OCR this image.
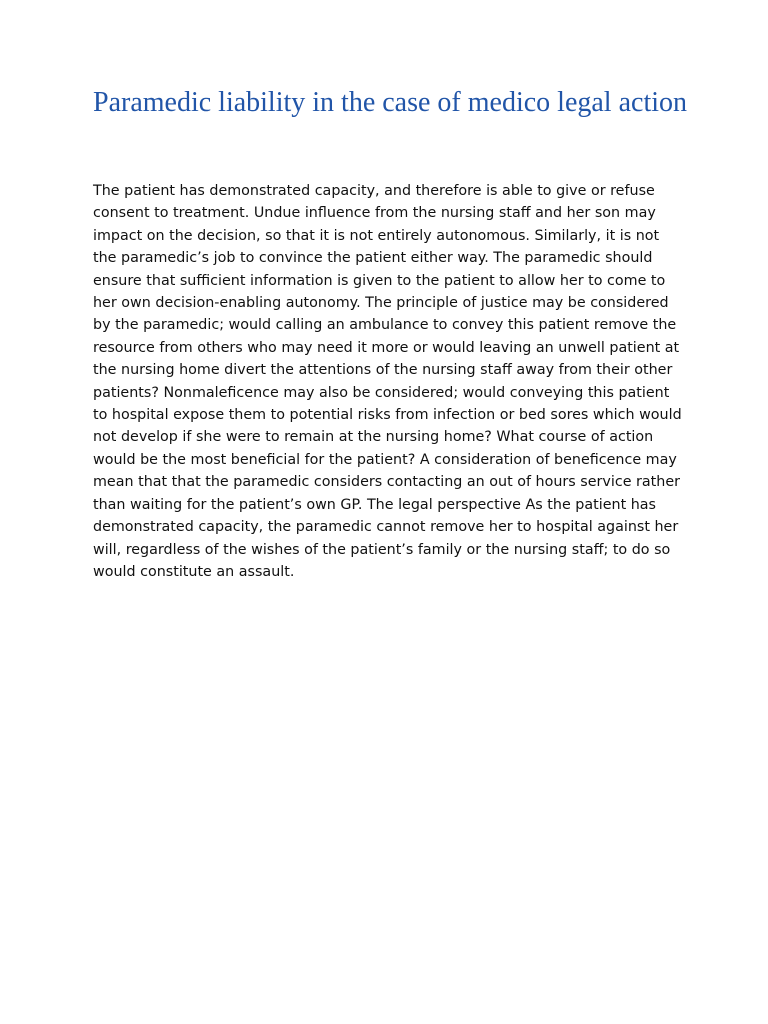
Paramedic liability in the case of medico legal action

The patient has demonstrated capacity, and therefore is able to give or refuse consent to treatment. Undue influence from the nursing staff and her son may impact on the decision, so that it is not entirely autonomous. Similarly, it is not the paramedic’s job to convince the patient either way. The paramedic should ensure that sufficient information is given to the patient to allow her to come to her own decision-enabling autonomy. The principle of justice may be considered by the paramedic; would calling an ambulance to convey this patient remove the resource from others who may need it more or would leaving an unwell patient at the nursing home divert the attentions of the nursing staff away from their other patients? Nonmaleficence may also be considered; would conveying this patient to hospital expose them to potential risks from infection or bed sores which would not develop if she were to remain at the nursing home? What course of action would be the most beneficial for the patient? A consideration of beneficence may mean that that the paramedic considers contacting an out of hours service rather than waiting for the patient’s own GP. The legal perspective As the patient has demonstrated capacity, the paramedic cannot remove her to hospital against her will, regardless of the wishes of the patient’s family or the nursing staff; to do so would constitute an assault.
